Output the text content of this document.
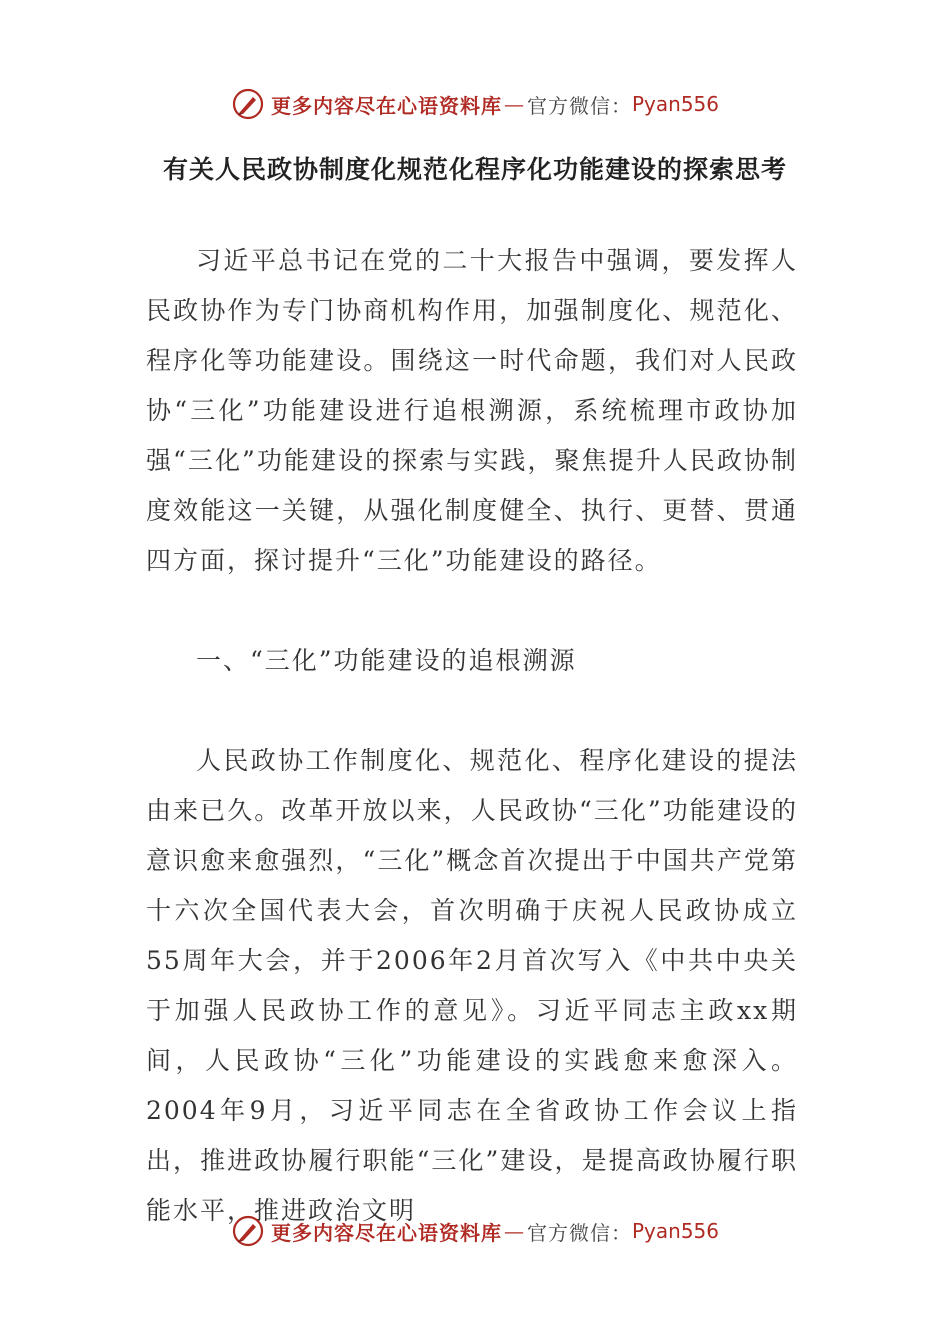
更多内容尽在心语资料库 — 官方微信： Pyan556
有关人民政协制度化规范化程序化功能建设的探索思考

习近平总书记在党的二十大报告中强调，要发挥人民政协作为专门协商机构作用，加强制度化、规范化、程序化等功能建设。围绕这一时代命题，我们对人民政协“三化”功能建设进行追根溯源，系统梳理市政协加强“三化”功能建设的探索与实践，聚焦提升人民政协制度效能这一关键，从强化制度健全、执行、更替、贯通四方面，探讨提升“三化”功能建设的路径。

一、“三化”功能建设的追根溯源

人民政协工作制度化、规范化、程序化建设的提法由来已久。改革开放以来，人民政协“三化”功能建设的意识愈来愈强烈，“三化”概念首次提出于中国共产党第十六次全国代表大会，首次明确于庆祝人民政协成立55周年大会，并于2006年2月首次写入《中共中央关于加强人民政协工作的意见》。习近平同志主政xx期间，人民政协“三化”功能建设的实践愈来愈深入。2004年9月，习近平同志在全省政协工作会议上指出，推进政协履行职能“三化”建设，是提高政协履行职能水平，推进政治文明

更多内容尽在心语资料库 — 官方微信： Pyan556
